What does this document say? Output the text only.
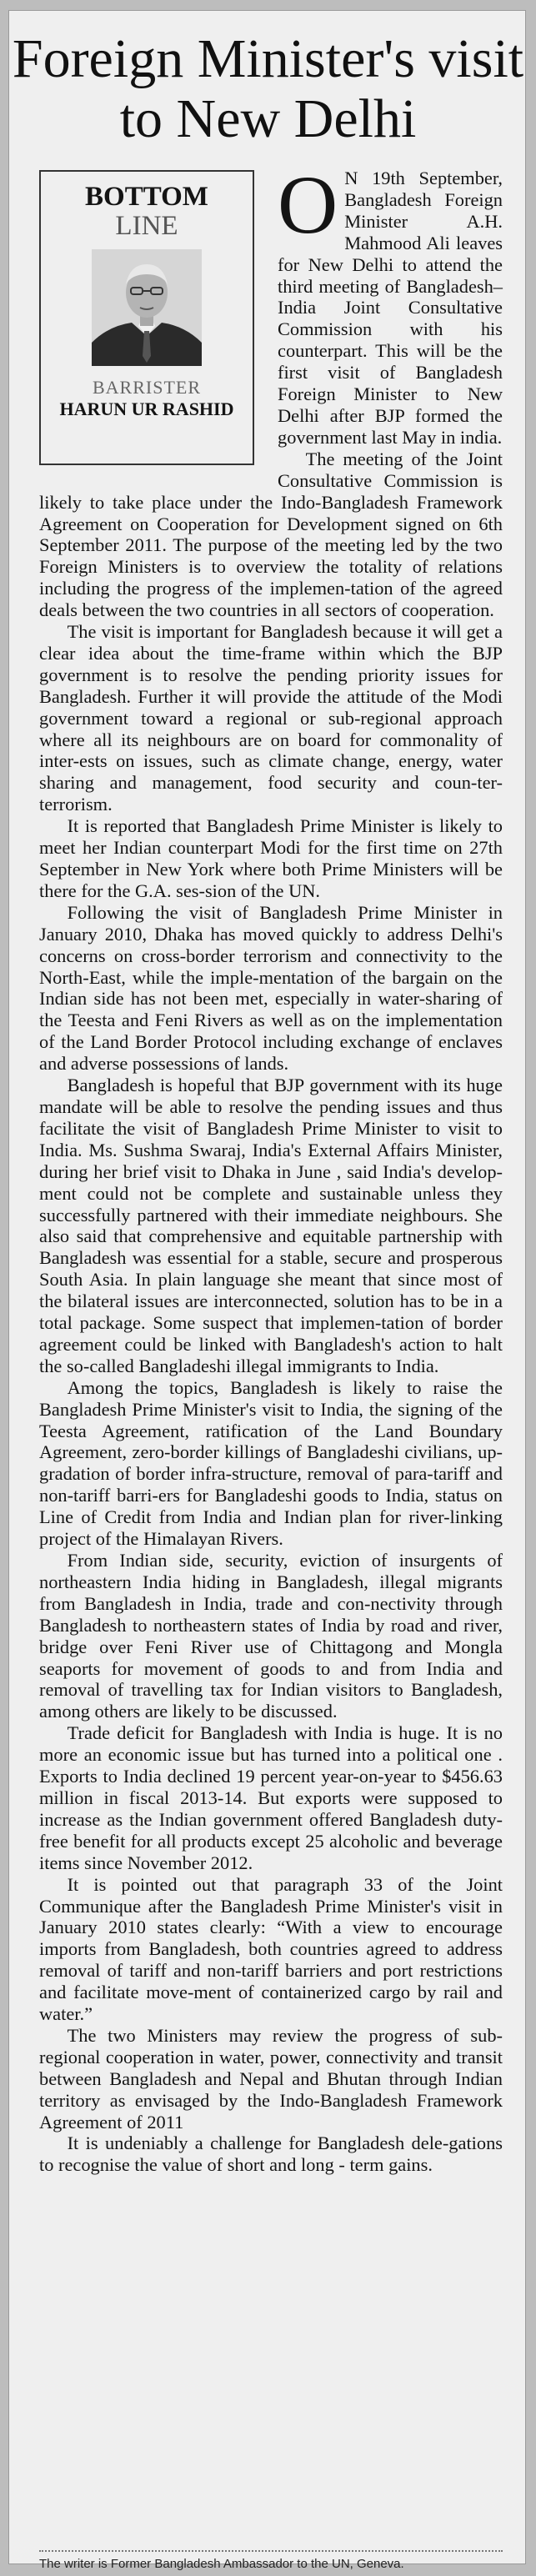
Foreign Minister's visit to New Delhi
BOTTOM
LINE
BARRISTER
HARUN UR RASHID
O N 19th September, Bangladesh Foreign Minister A.H. Mahmood Ali leaves for New Delhi to attend the third meeting of Bangladesh–India Joint Consultative Commission with his counterpart. This will be the first visit of Bangladesh Foreign Minister to New Delhi after BJP formed the government last May in india.

The meeting of the Joint Consultative Commission is likely to take place under the Indo-Bangladesh Framework Agreement on Cooperation for Development signed on 6th September 2011. The purpose of the meeting led by the two Foreign Ministers is to overview the totality of relations including the progress of the implemen-tation of the agreed deals between the two countries in all sectors of cooperation.

The visit is important for Bangladesh because it will get a clear idea about the time-frame within which the BJP government is to resolve the pending priority issues for Bangladesh. Further it will provide the attitude of the Modi government toward a regional or sub-regional approach where all its neighbours are on board for commonality of inter-ests on issues, such as climate change, energy, water sharing and management, food security and coun-ter-terrorism.

It is reported that Bangladesh Prime Minister is likely to meet her Indian counterpart Modi for the first time on 27th September in New York where both Prime Ministers will be there for the G.A. ses-sion of the UN.

Following the visit of Bangladesh Prime Minister in January 2010, Dhaka has moved quickly to address Delhi's concerns on cross-border terrorism and connectivity to the North-East, while the imple-mentation of the bargain on the Indian side has not been met, especially in water-sharing of the Teesta and Feni Rivers as well as on the implementation of the Land Border Protocol including exchange of enclaves and adverse possessions of lands.

Bangladesh is hopeful that BJP government with its huge mandate will be able to resolve the pending issues and thus facilitate the visit of Bangladesh Prime Minister to visit to India. Ms. Sushma Swaraj, India's External Affairs Minister, during her brief visit to Dhaka in June , said India's develop-ment could not be complete and sustainable unless they successfully partnered with their immediate neighbours. She also said that comprehensive and equitable partnership with Bangladesh was essential for a stable, secure and prosperous South Asia. In plain language she meant that since most of the bilateral issues are interconnected, solution has to be in a total package. Some suspect that implemen-tation of border agreement could be linked with Bangladesh's action to halt the so-called Bangladeshi illegal immigrants to India.

Among the topics, Bangladesh is likely to raise the Bangladesh Prime Minister's visit to India, the signing of the Teesta Agreement, ratification of the Land Boundary Agreement, zero-border killings of Bangladeshi civilians, up-gradation of border infra-structure, removal of para-tariff and non-tariff barri-ers for Bangladeshi goods to India, status on Line of Credit from India and Indian plan for river-linking project of the Himalayan Rivers.

From Indian side, security, eviction of insurgents of northeastern India hiding in Bangladesh, illegal migrants from Bangladesh in India, trade and con-nectivity through Bangladesh to northeastern states of India by road and river, bridge over Feni River use of Chittagong and Mongla seaports for movement of goods to and from India and removal of travelling tax for Indian visitors to Bangladesh, among others are likely to be discussed.

Trade deficit for Bangladesh with India is huge. It is no more an economic issue but has turned into a political one . Exports to India declined 19 percent year-on-year to $456.63 million in fiscal 2013-14. But exports were supposed to increase as the Indian government offered Bangladesh duty-free benefit for all products except 25 alcoholic and beverage items since November 2012.

It is pointed out that paragraph 33 of the Joint Communique after the Bangladesh Prime Minister's visit in January 2010 states clearly: “With a view to encourage imports from Bangladesh, both countries agreed to address removal of tariff and non-tariff barriers and port restrictions and facilitate move-ment of containerized cargo by rail and water.”

The two Ministers may review the progress of sub-regional cooperation in water, power, connectivity and transit between Bangladesh and Nepal and Bhutan through Indian territory as envisaged by the Indo-Bangladesh Framework Agreement of 2011

It is undeniably a challenge for Bangladesh dele-gations to recognise the value of short and long - term gains.

The writer is Former Bangladesh Ambassador to the UN, Geneva.
